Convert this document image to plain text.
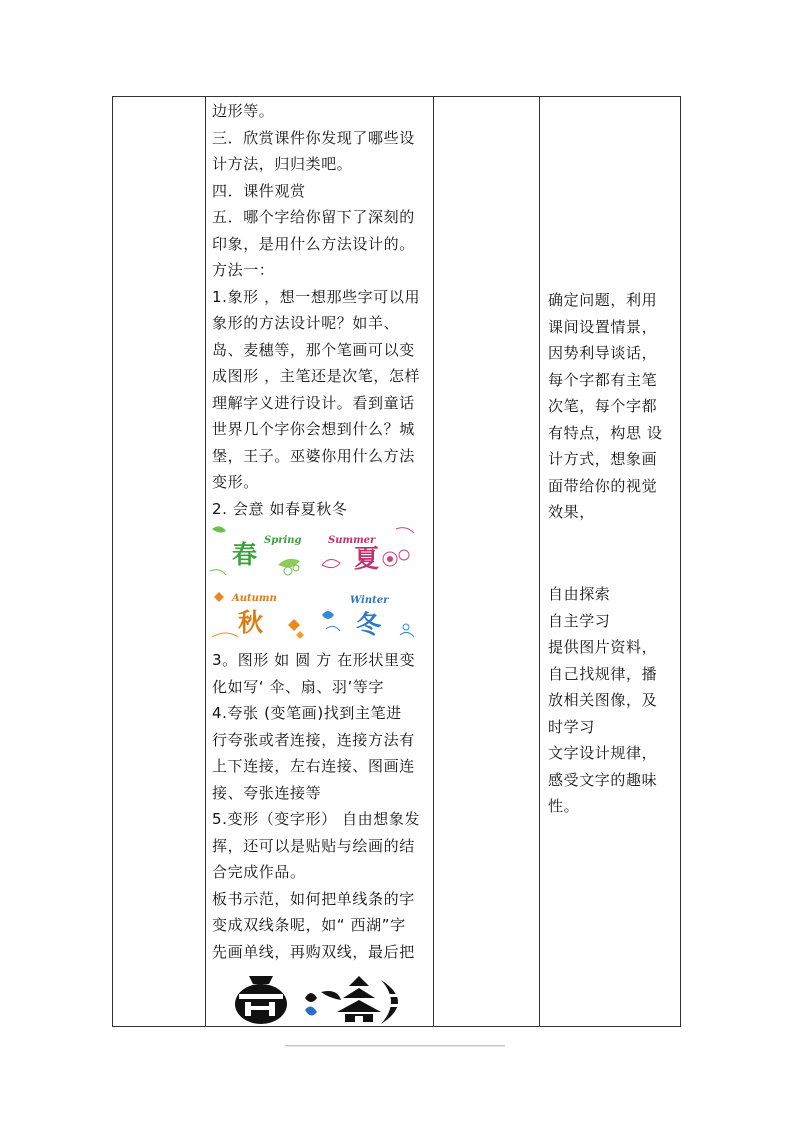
边形等。
三．欣赏课件你发现了哪些设
计方法，归归类吧。
四．课件观赏
五．哪个字给你留下了深刻的
印象，是用什么方法设计的。
方法一：
1.象形 ，想一想那些字可以用
象形的方法设计呢？如羊、
岛、麦穗等，那个笔画可以变
成图形 ，主笔还是次笔，怎样
理解字义进行设计。看到童话
世界几个字你会想到什么？城
堡，王子。巫婆你用什么方法
变形。
2. 会意 如春夏秋冬
3。图形 如 圆 方 在形状里变
化如写‘ 伞、扇、羽’等字
4.夸张 (变笔画)找到主笔进
行夸张或者连接，连接方法有
上下连接，左右连接、图画连
接、夸张连接等
5.变形（变字形） 自由想象发
挥，还可以是贴贴与绘画的结
合完成作品。
板书示范，如何把单线条的字
变成双线条呢，如“ 西湖”字
先画单线，再购双线，最后把
春 Spring
夏
Summer
秋
Autumn
冬
Winter
确定问题，利用
课间设置情景，
因势利导谈话，
每个字都有主笔
次笔，每个字都
有特点，构思 设
计方式，想象画
面带给你的视觉
效果，
自由探索
自主学习
提供图片资料，
自己找规律，播
放相关图像，及
时学习
文字设计规律，
感受文字的趣味
性。
